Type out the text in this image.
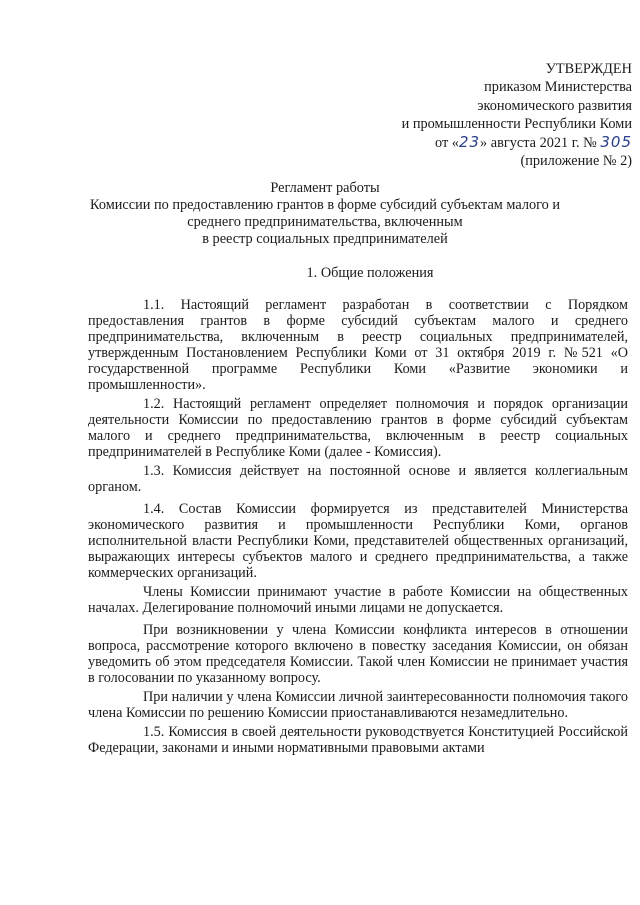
УТВЕРЖДЕН
приказом Министерства
экономического развития
и промышленности Республики Коми
от «23» августа 2021 г. № 305
(приложение № 2)
Регламент работы
Комиссии по предоставлению грантов в форме субсидий субъектам малого и
среднего предпринимательства, включенным
в реестр социальных предпринимателей
1. Общие положения

1.1. Настоящий регламент разработан в соответствии с Порядком предоставления грантов в форме субсидий субъектам малого и среднего предпринимательства, включенным в реестр социальных предпринимателей, утвержденным Постановлением Республики Коми от 31 октября 2019 г. №521 «О государственной программе Республики Коми «Развитие экономики и промышленности».

1.2. Настоящий регламент определяет полномочия и порядок организации деятельности Комиссии по предоставлению грантов в форме субсидий субъектам малого и среднего предпринимательства, включенным в реестр социальных предпринимателей в Республике Коми (далее - Комиссия).

1.3. Комиссия действует на постоянной основе и является коллегиальным органом.

1.4. Состав Комиссии формируется из представителей Министерства экономического развития и промышленности Республики Коми, органов исполнительной власти Республики Коми, представителей общественных организаций, выражающих интересы субъектов малого и среднего предпринимательства, а также коммерческих организаций.

Члены Комиссии принимают участие в работе Комиссии на общественных началах. Делегирование полномочий иными лицами не допускается.

При возникновении у члена Комиссии конфликта интересов в отношении вопроса, рассмотрение которого включено в повестку заседания Комиссии, он обязан уведомить об этом председателя Комиссии. Такой член Комиссии не принимает участия в голосовании по указанному вопросу.

При наличии у члена Комиссии личной заинтересованности полномочия такого члена Комиссии по решению Комиссии приостанавливаются незамедлительно.

1.5. Комиссия в своей деятельности руководствуется Конституцией Российской Федерации, законами и иными нормативными правовыми актами
